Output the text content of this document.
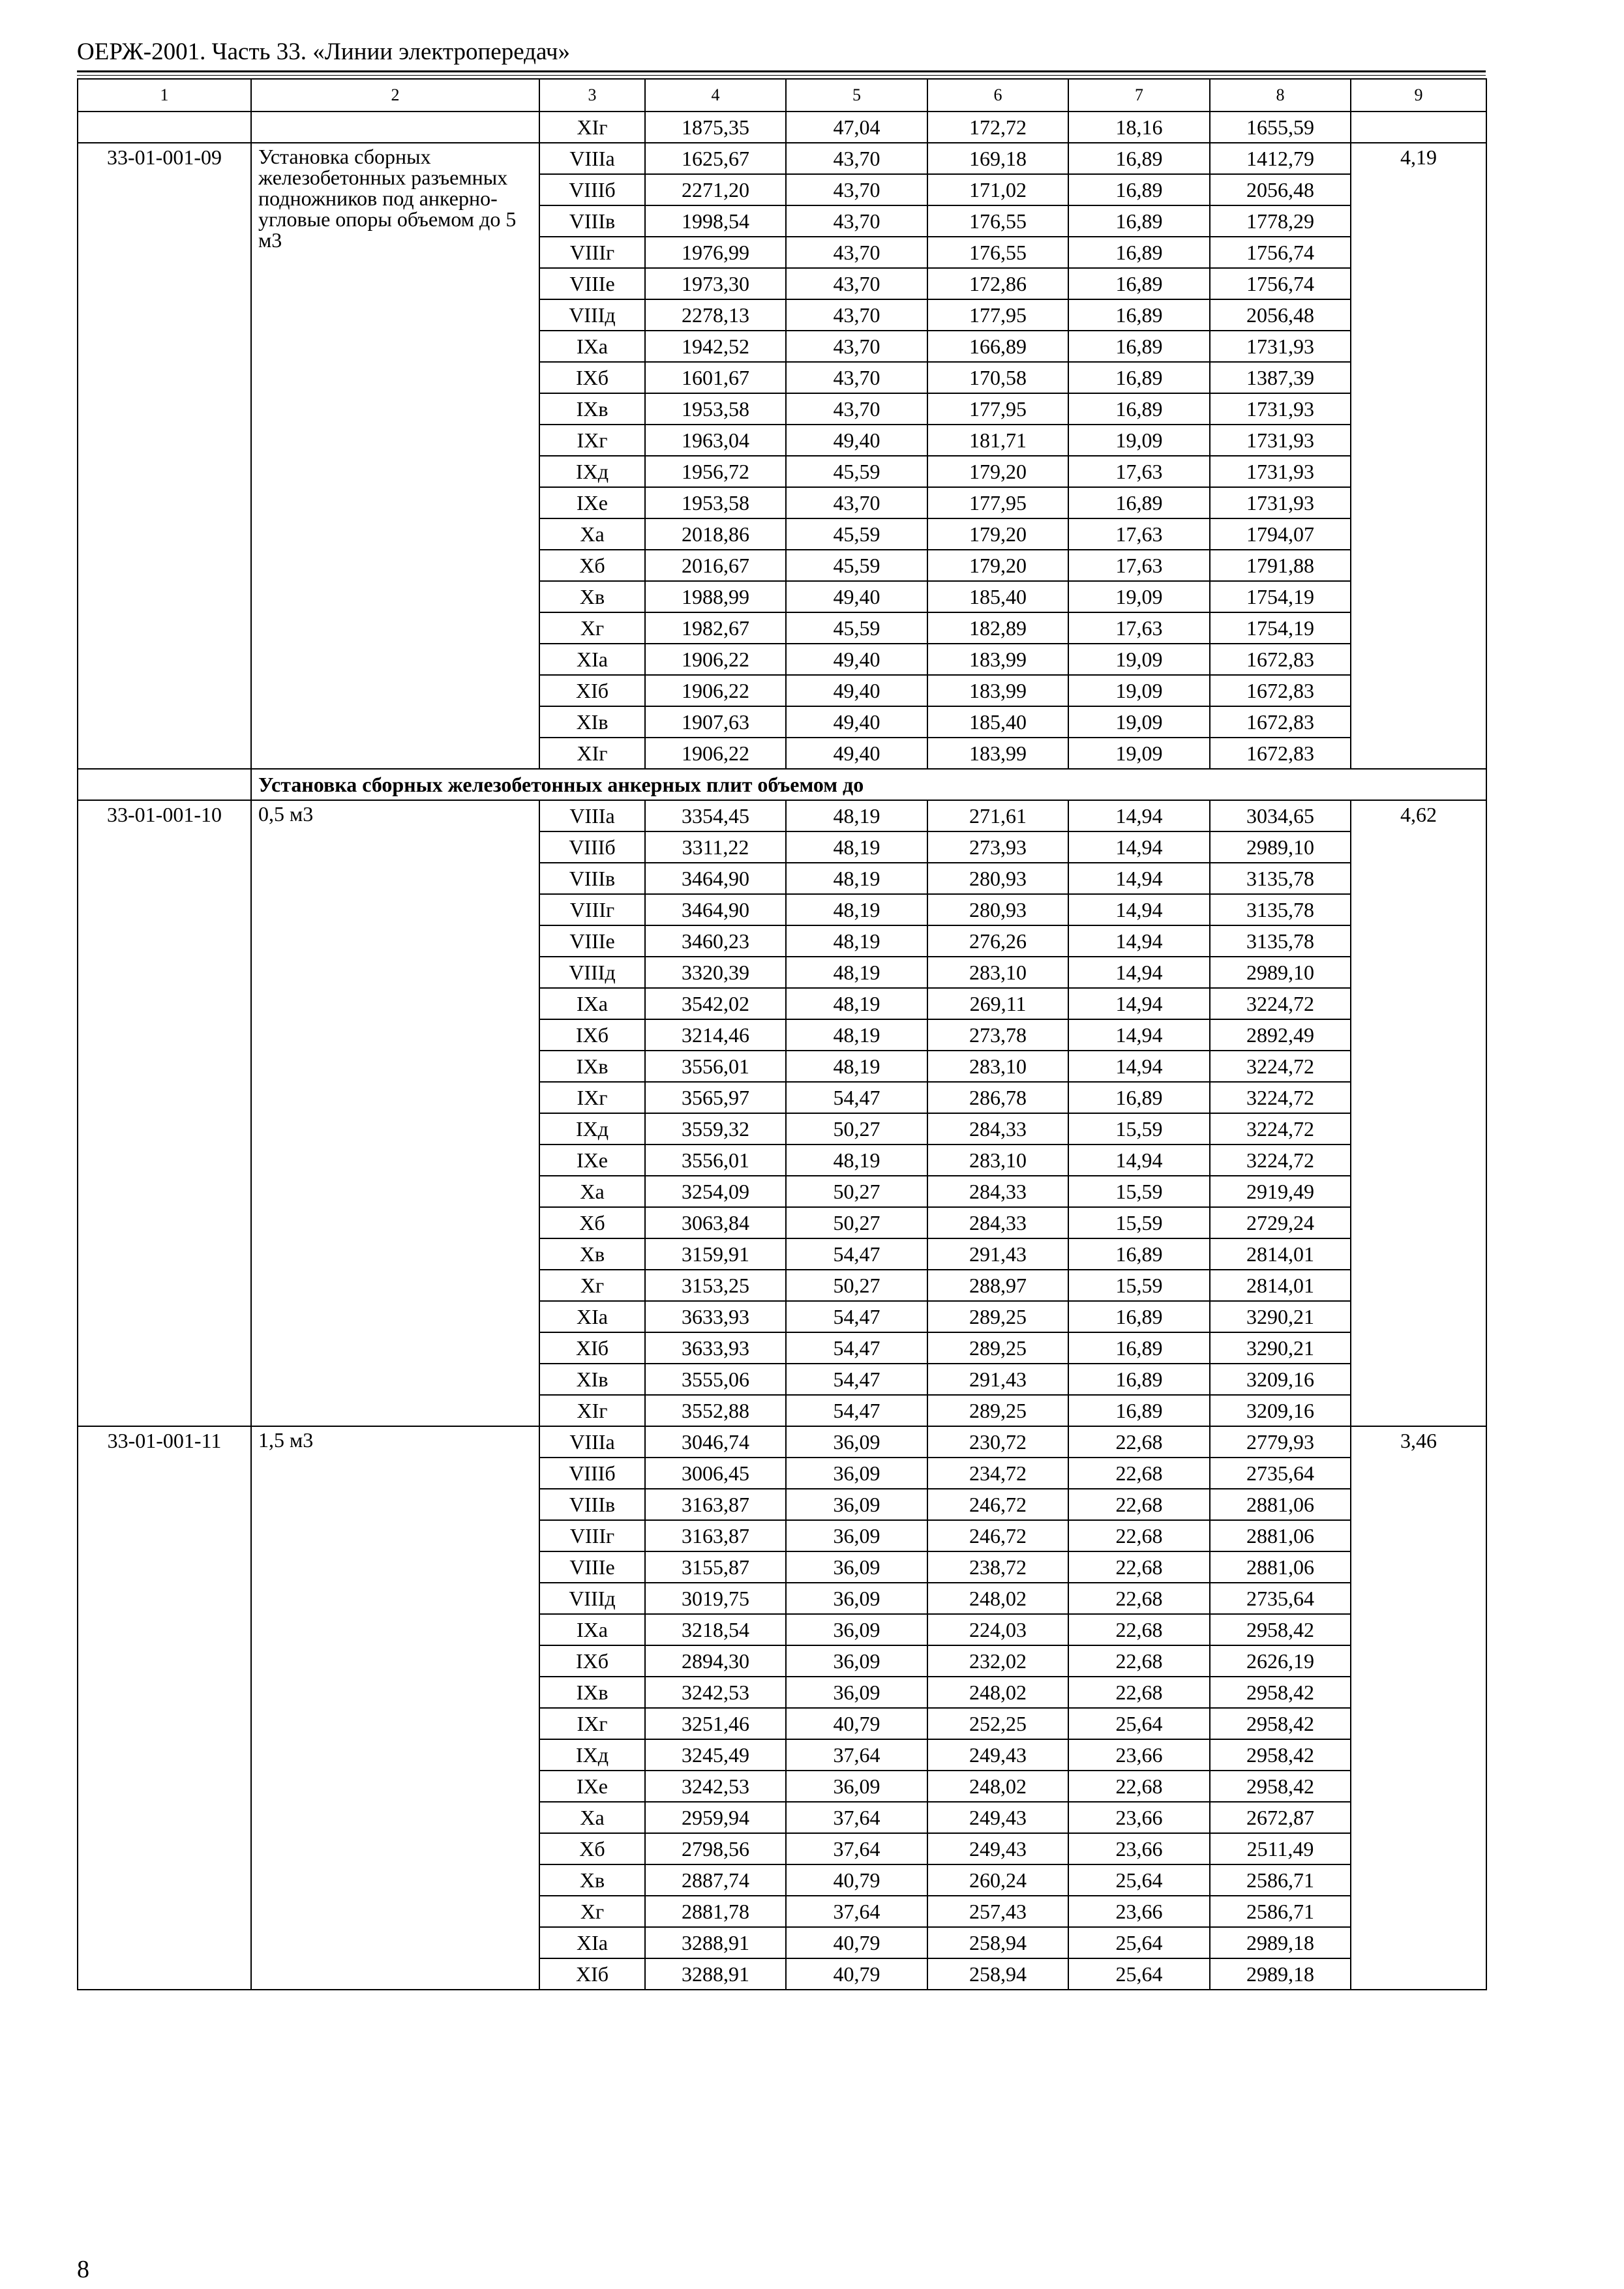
ОЕРЖ-2001. Часть 33. «Линии электропередач»
1	2	3	4	5	6	7	8	9
		XIг	1875,35	47,04	172,72	18,16	1655,59	
33-01-001-09	Установка сборных железобетонных разъемных подножников под анкерно-угловые опоры объемом до 5 м3	VIIIa	1625,67	43,70	169,18	16,89	1412,79	4,19
		VIIIб	2271,20	43,70	171,02	16,89	2056,48	
		VIIIв	1998,54	43,70	176,55	16,89	1778,29	
		VIIIг	1976,99	43,70	176,55	16,89	1756,74	
		VIIIе	1973,30	43,70	172,86	16,89	1756,74	
		VIIIд	2278,13	43,70	177,95	16,89	2056,48	
		IXa	1942,52	43,70	166,89	16,89	1731,93	
		IXб	1601,67	43,70	170,58	16,89	1387,39	
		IXв	1953,58	43,70	177,95	16,89	1731,93	
		IXг	1963,04	49,40	181,71	19,09	1731,93	
		IXд	1956,72	45,59	179,20	17,63	1731,93	
		IXе	1953,58	43,70	177,95	16,89	1731,93	
		Xa	2018,86	45,59	179,20	17,63	1794,07	
		Xб	2016,67	45,59	179,20	17,63	1791,88	
		Xв	1988,99	49,40	185,40	19,09	1754,19	
		Xг	1982,67	45,59	182,89	17,63	1754,19	
		XIa	1906,22	49,40	183,99	19,09	1672,83	
		XIб	1906,22	49,40	183,99	19,09	1672,83	
		XIв	1907,63	49,40	185,40	19,09	1672,83	
		XIг	1906,22	49,40	183,99	19,09	1672,83	
	Установка сборных железобетонных анкерных плит объемом до							
33-01-001-10	0,5 м3	VIIIa	3354,45	48,19	271,61	14,94	3034,65	4,62
		VIIIб	3311,22	48,19	273,93	14,94	2989,10	
		VIIIв	3464,90	48,19	280,93	14,94	3135,78	
		VIIIг	3464,90	48,19	280,93	14,94	3135,78	
		VIIIе	3460,23	48,19	276,26	14,94	3135,78	
		VIIIд	3320,39	48,19	283,10	14,94	2989,10	
		IXa	3542,02	48,19	269,11	14,94	3224,72	
		IXб	3214,46	48,19	273,78	14,94	2892,49	
		IXв	3556,01	48,19	283,10	14,94	3224,72	
		IXг	3565,97	54,47	286,78	16,89	3224,72	
		IXд	3559,32	50,27	284,33	15,59	3224,72	
		IXе	3556,01	48,19	283,10	14,94	3224,72	
		Xa	3254,09	50,27	284,33	15,59	2919,49	
		Xб	3063,84	50,27	284,33	15,59	2729,24	
		Xв	3159,91	54,47	291,43	16,89	2814,01	
		Xг	3153,25	50,27	288,97	15,59	2814,01	
		XIa	3633,93	54,47	289,25	16,89	3290,21	
		XIб	3633,93	54,47	289,25	16,89	3290,21	
		XIв	3555,06	54,47	291,43	16,89	3209,16	
		XIг	3552,88	54,47	289,25	16,89	3209,16	
33-01-001-11	1,5 м3	VIIIa	3046,74	36,09	230,72	22,68	2779,93	3,46
		VIIIб	3006,45	36,09	234,72	22,68	2735,64	
		VIIIв	3163,87	36,09	246,72	22,68	2881,06	
		VIIIг	3163,87	36,09	246,72	22,68	2881,06	
		VIIIе	3155,87	36,09	238,72	22,68	2881,06	
		VIIIд	3019,75	36,09	248,02	22,68	2735,64	
		IXa	3218,54	36,09	224,03	22,68	2958,42	
		IXб	2894,30	36,09	232,02	22,68	2626,19	
		IXв	3242,53	36,09	248,02	22,68	2958,42	
		IXг	3251,46	40,79	252,25	25,64	2958,42	
		IXд	3245,49	37,64	249,43	23,66	2958,42	
		IXе	3242,53	36,09	248,02	22,68	2958,42	
		Xa	2959,94	37,64	249,43	23,66	2672,87	
		Xб	2798,56	37,64	249,43	23,66	2511,49	
		Xв	2887,74	40,79	260,24	25,64	2586,71	
		Xг	2881,78	37,64	257,43	23,66	2586,71	
		XIa	3288,91	40,79	258,94	25,64	2989,18	
		XIб	3288,91	40,79	258,94	25,64	2989,18	
8
